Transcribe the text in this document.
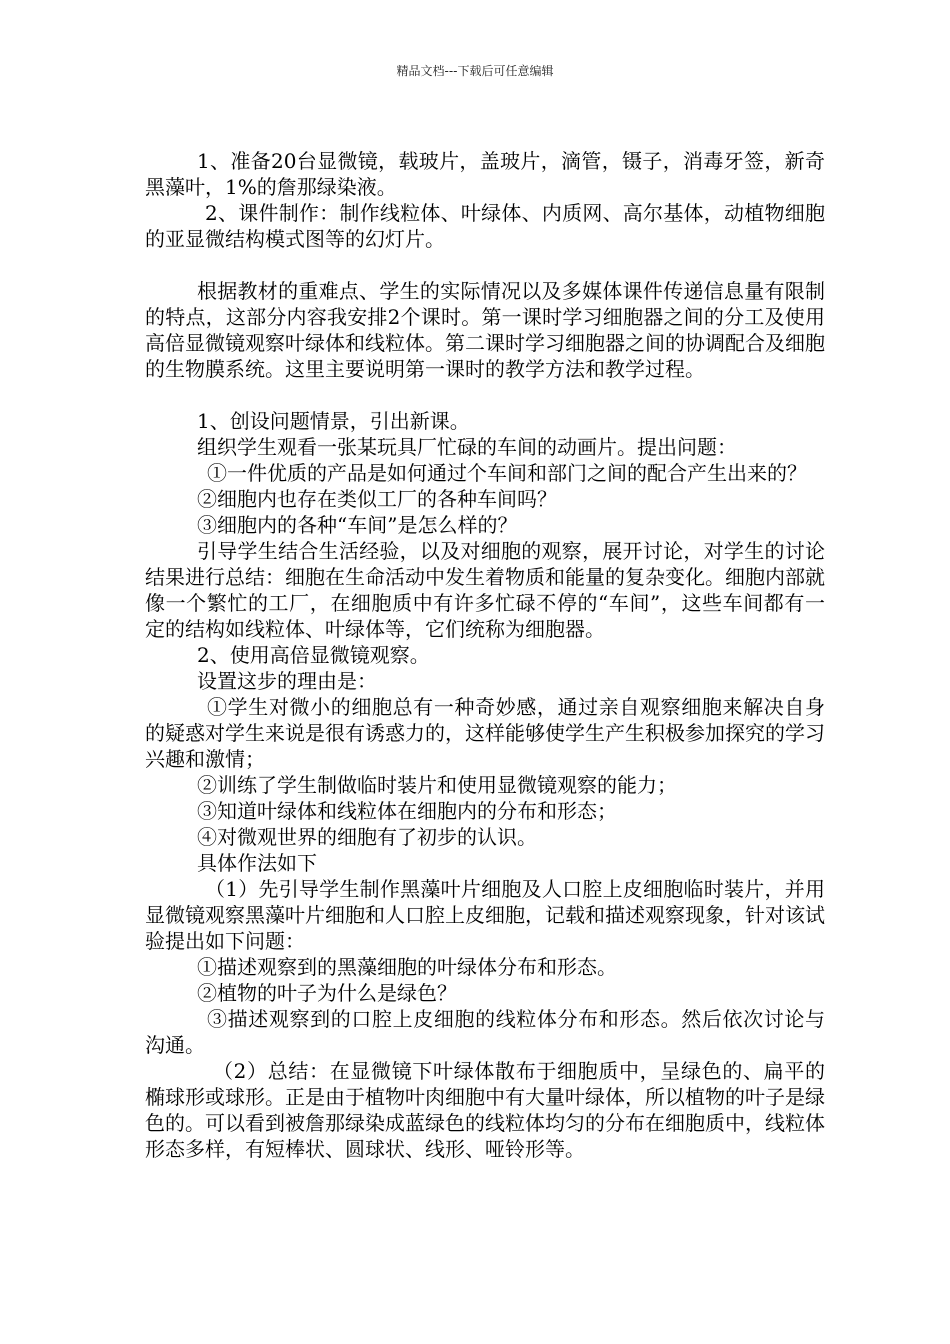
精品文档---下载后可任意编辑

1、准备20台显微镜，载玻片，盖玻片，滴管，镊子，消毒牙签，新奇黑藻叶，1%的詹那绿染液。

2、课件制作：制作线粒体、叶绿体、内质网、高尔基体，动植物细胞的亚显微结构模式图等的幻灯片。

根据教材的重难点、学生的实际情况以及多媒体课件传递信息量有限制的特点，这部分内容我安排2个课时。第一课时学习细胞器之间的分工及使用高倍显微镜观察叶绿体和线粒体。第二课时学习细胞器之间的协调配合及细胞的生物膜系统。这里主要说明第一课时的教学方法和教学过程。

1、创设问题情景，引出新课。

组织学生观看一张某玩具厂忙碌的车间的动画片。提出问题：

①一件优质的产品是如何通过个车间和部门之间的配合产生出来的？

②细胞内也存在类似工厂的各种车间吗？

③细胞内的各种“车间”是怎么样的？

引导学生结合生活经验，以及对细胞的观察，展开讨论，对学生的讨论结果进行总结：细胞在生命活动中发生着物质和能量的复杂变化。细胞内部就像一个繁忙的工厂，在细胞质中有许多忙碌不停的“车间”，这些车间都有一定的结构如线粒体、叶绿体等，它们统称为细胞器。

2、使用高倍显微镜观察。

设置这步的理由是：

①学生对微小的细胞总有一种奇妙感，通过亲自观察细胞来解决自身的疑惑对学生来说是很有诱惑力的，这样能够使学生产生积极参加探究的学习兴趣和激情；

②训练了学生制做临时装片和使用显微镜观察的能力；

③知道叶绿体和线粒体在细胞内的分布和形态；

④对微观世界的细胞有了初步的认识。

具体作法如下

（1）先引导学生制作黑藻叶片细胞及人口腔上皮细胞临时装片，并用显微镜观察黑藻叶片细胞和人口腔上皮细胞，记载和描述观察现象，针对该试验提出如下问题：

①描述观察到的黑藻细胞的叶绿体分布和形态。

②植物的叶子为什么是绿色？

③描述观察到的口腔上皮细胞的线粒体分布和形态。然后依次讨论与沟通。

（2）总结：在显微镜下叶绿体散布于细胞质中，呈绿色的、扁平的椭球形或球形。正是由于植物叶肉细胞中有大量叶绿体，所以植物的叶子是绿色的。可以看到被詹那绿染成蓝绿色的线粒体均匀的分布在细胞质中，线粒体形态多样，有短棒状、圆球状、线形、哑铃形等。
